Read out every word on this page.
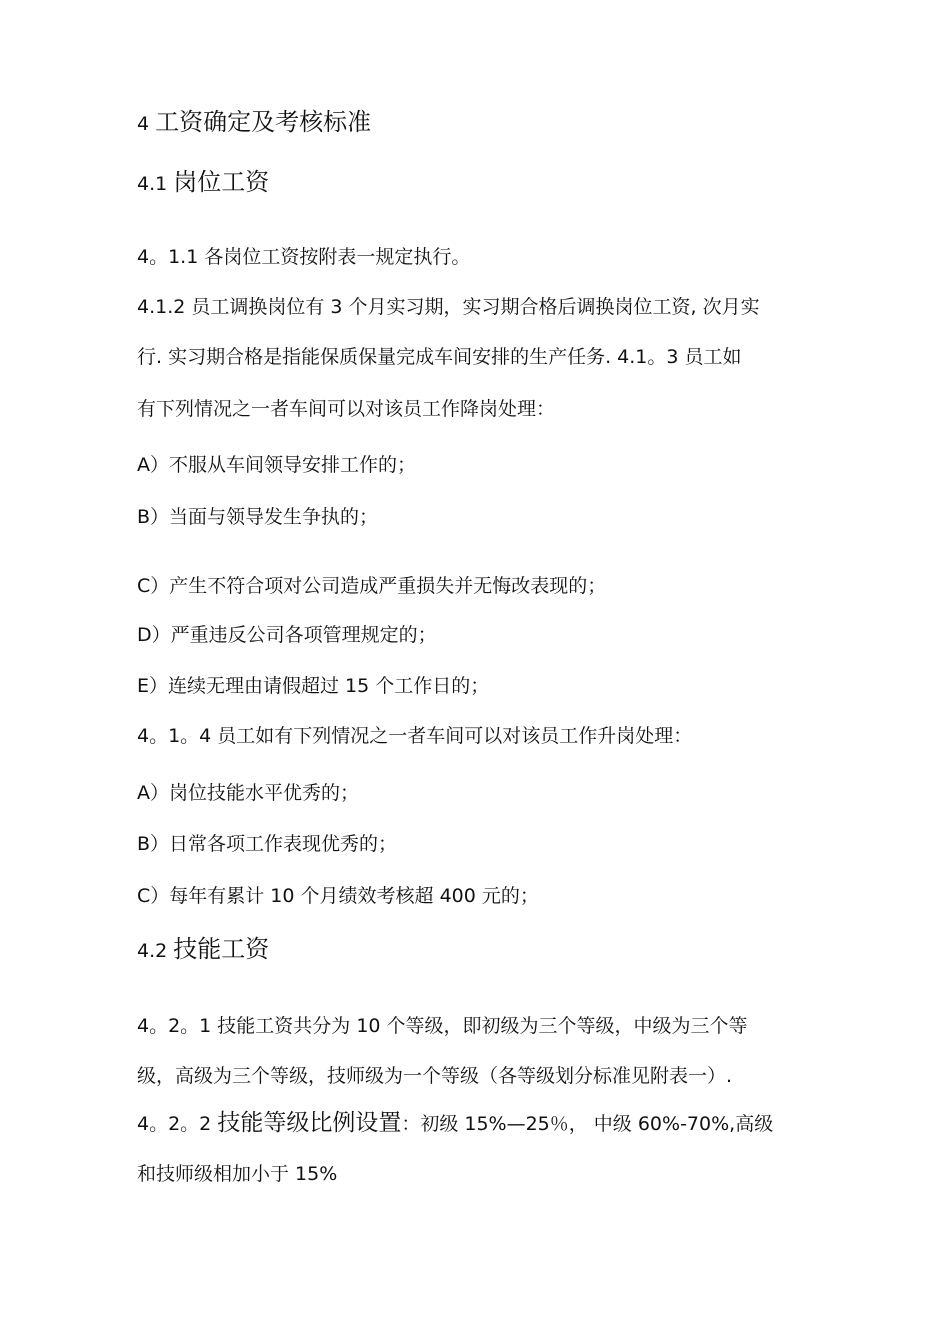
4 工资确定及考核标准
4.1 岗位工资
4。1.1 各岗位工资按附表一规定执行。
4.1.2 员工调换岗位有 3 个月实习期，实习期合格后调换岗位工资, 次月实
行. 实习期合格是指能保质保量完成车间安排的生产任务. 4.1。3 员工如
有下列情况之一者车间可以对该员工作降岗处理：
A）不服从车间领导安排工作的；
B）当面与领导发生争执的；
C）产生不符合项对公司造成严重损失并无悔改表现的；
D）严重违反公司各项管理规定的；
E）连续无理由请假超过 15 个工作日的；
4。1。4 员工如有下列情况之一者车间可以对该员工作升岗处理：
A）岗位技能水平优秀的；
B）日常各项工作表现优秀的；
C）每年有累计 10 个月绩效考核超 400 元的；
4.2 技能工资
4。2。1 技能工资共分为 10 个等级，即初级为三个等级，中级为三个等
级，高级为三个等级，技师级为一个等级（各等级划分标准见附表一）.
4。2。2 技能等级比例设置：初级 15%—25％， 中级 60%-70%,高级
和技师级相加小于 15%
